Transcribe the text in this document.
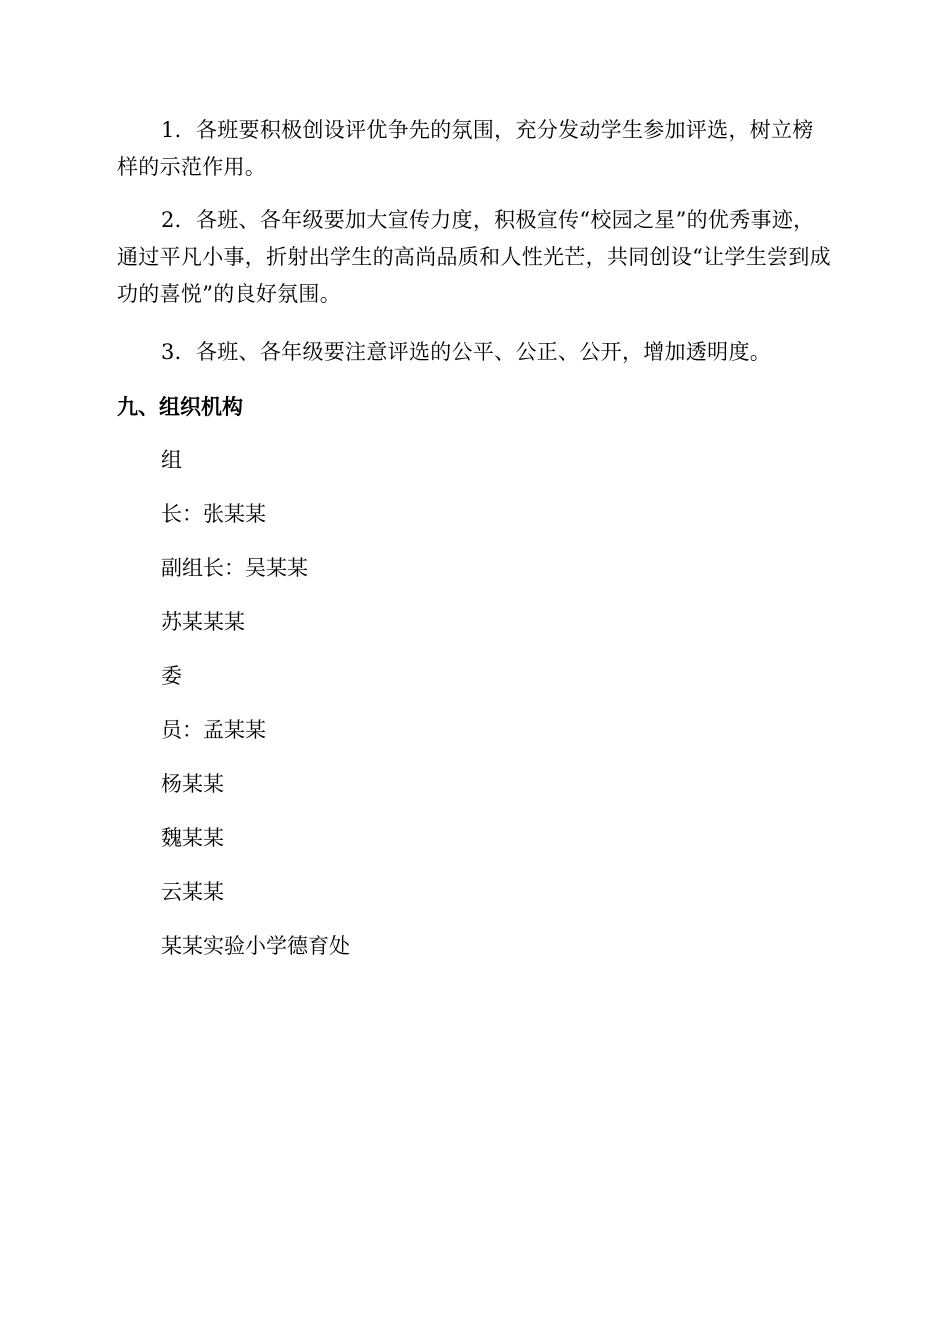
1．各班要积极创设评优争先的氛围，充分发动学生参加评选，树立榜样的示范作用。

2．各班、各年级要加大宣传力度，积极宣传“校园之星”的优秀事迹，通过平凡小事，折射出学生的高尚品质和人性光芒，共同创设“让学生尝到成功的喜悦”的良好氛围。

3．各班、各年级要注意评选的公平、公正、公开，增加透明度。

九、组织机构

组

长：张某某

副组长：吴某某

苏某某某

委

员：孟某某

杨某某

魏某某

云某某

某某实验小学德育处
